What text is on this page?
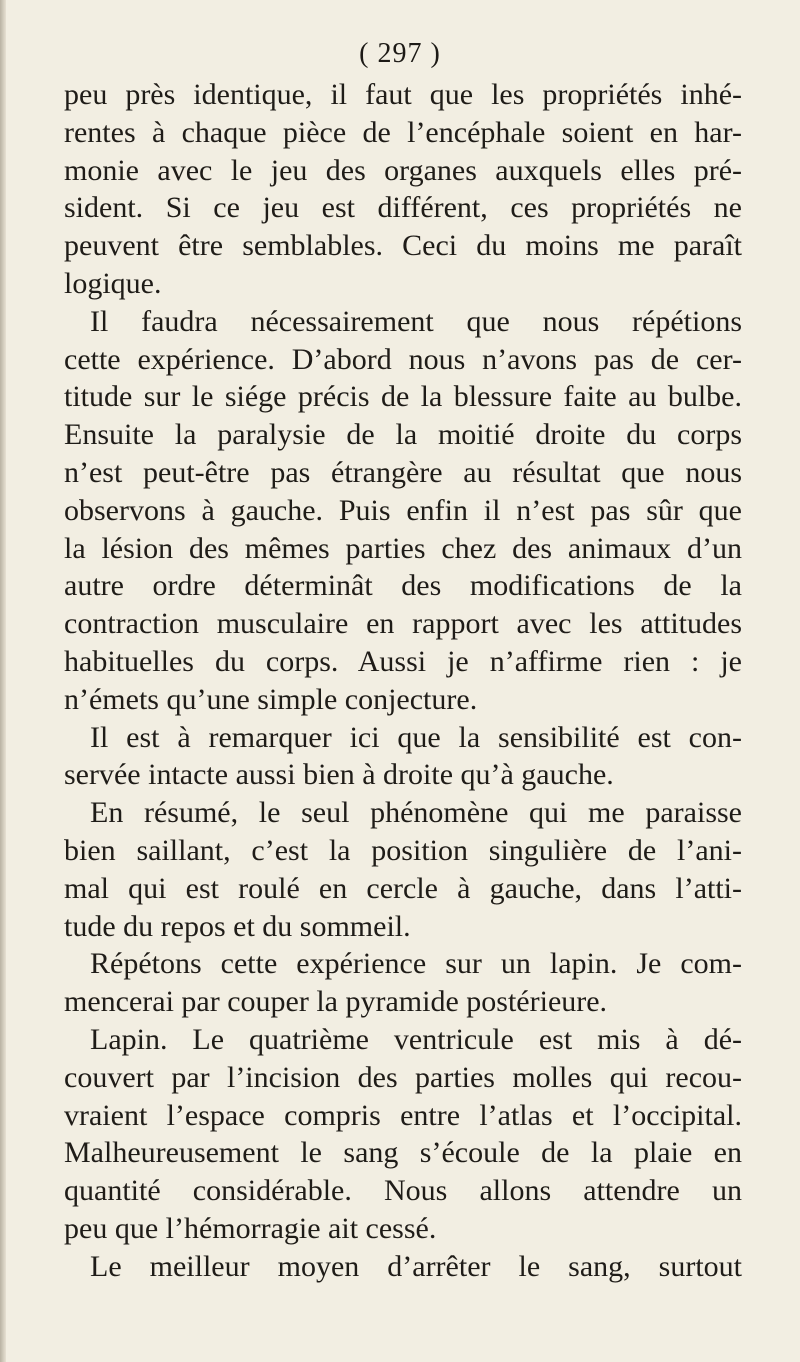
( 297 )
peu près identique, il faut que les propriétés inhé-
rentes à chaque pièce de l’encéphale soient en har-
monie avec le jeu des organes auxquels elles pré-
sident. Si ce jeu est différent, ces propriétés ne
peuvent être semblables. Ceci du moins me paraît
logique.
Il faudra nécessairement que nous répétions
cette expérience. D’abord nous n’avons pas de cer-
titude sur le siége précis de la blessure faite au bulbe.
Ensuite la paralysie de la moitié droite du corps
n’est peut-être pas étrangère au résultat que nous
observons à gauche. Puis enfin il n’est pas sûr que
la lésion des mêmes parties chez des animaux d’un
autre ordre déterminât des modifications de la
contraction musculaire en rapport avec les attitudes
habituelles du corps. Aussi je n’affirme rien : je
n’émets qu’une simple conjecture.
Il est à remarquer ici que la sensibilité est con-
servée intacte aussi bien à droite qu’à gauche.
En résumé, le seul phénomène qui me paraisse
bien saillant, c’est la position singulière de l’ani-
mal qui est roulé en cercle à gauche, dans l’atti-
tude du repos et du sommeil.
Répétons cette expérience sur un lapin. Je com-
mencerai par couper la pyramide postérieure.
Lapin. Le quatrième ventricule est mis à dé-
couvert par l’incision des parties molles qui recou-
vraient l’espace compris entre l’atlas et l’occipital.
Malheureusement le sang s’écoule de la plaie en
quantité considérable. Nous allons attendre un
peu que l’hémorragie ait cessé.
Le meilleur moyen d’arrêter le sang, surtout
